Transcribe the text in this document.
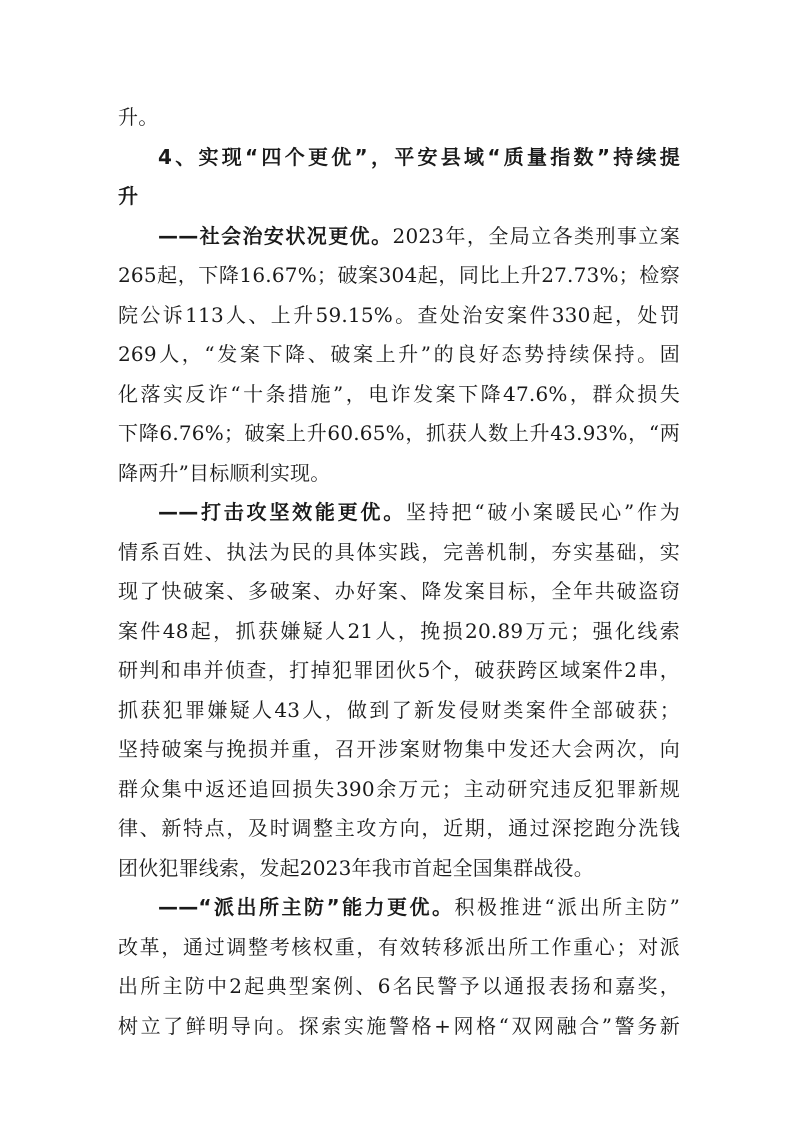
升。
4、实现“四个更优”，平安县域“质量指数”持续提
升
——社会治安状况更优。2023年，全局立各类刑事立案
265起，下降16.67%；破案304起，同比上升27.73%；检察
院公诉113人、上升59.15%。查处治安案件330起，处罚
269人，“发案下降、破案上升”的良好态势持续保持。固
化落实反诈“十条措施”，电诈发案下降47.6%，群众损失
下降6.76%；破案上升60.65%，抓获人数上升43.93%，“两
降两升”目标顺利实现。
——打击攻坚效能更优。坚持把“破小案暖民心”作为
情系百姓、执法为民的具体实践，完善机制，夯实基础，实
现了快破案、多破案、办好案、降发案目标，全年共破盗窃
案件48起，抓获嫌疑人21人，挽损20.89万元；强化线索
研判和串并侦查，打掉犯罪团伙5个，破获跨区域案件2串，
抓获犯罪嫌疑人43人，做到了新发侵财类案件全部破获；
坚持破案与挽损并重，召开涉案财物集中发还大会两次，向
群众集中返还追回损失390余万元；主动研究违反犯罪新规
律、新特点，及时调整主攻方向，近期，通过深挖跑分洗钱
团伙犯罪线索，发起2023年我市首起全国集群战役。
——“派出所主防”能力更优。积极推进“派出所主防”
改革，通过调整考核权重，有效转移派出所工作重心；对派
出所主防中2起典型案例、6名民警予以通报表扬和嘉奖，
树立了鲜明导向。探索实施警格+网格“双网融合”警务新
